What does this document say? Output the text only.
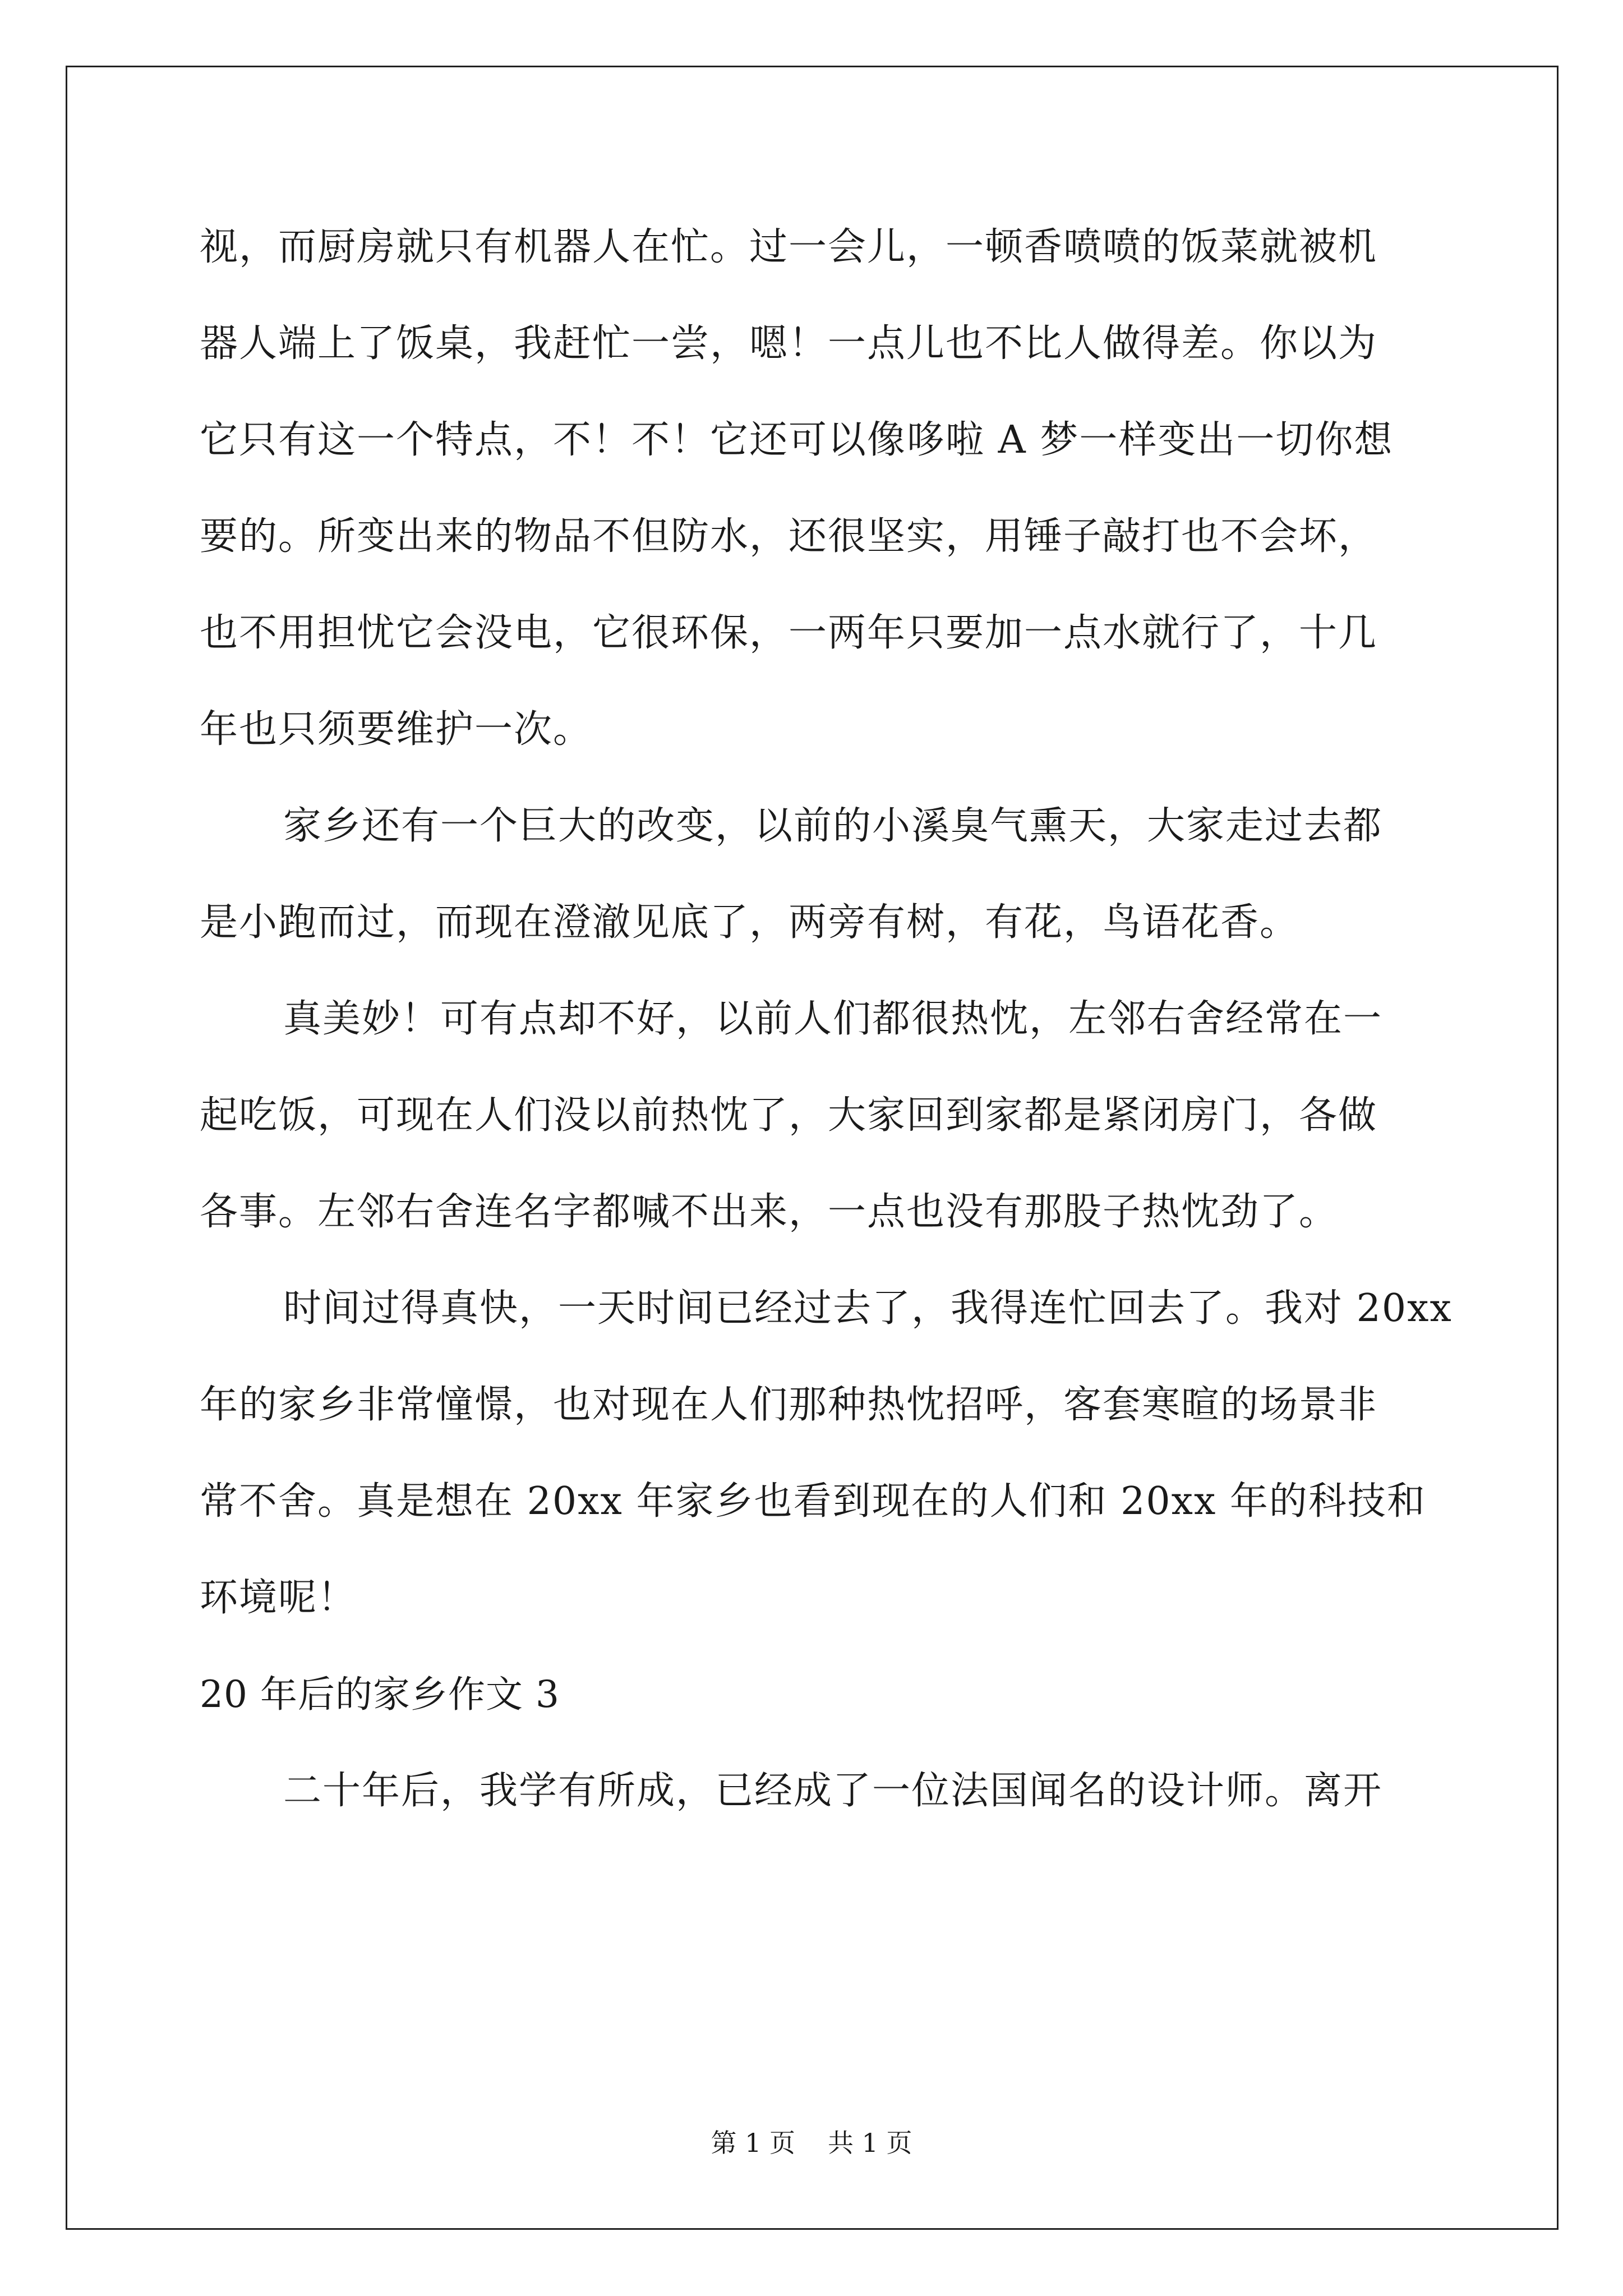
视，而厨房就只有机器人在忙。过一会儿，一顿香喷喷的饭菜就被机
器人端上了饭桌，我赶忙一尝，嗯！一点儿也不比人做得差。你以为
它只有这一个特点，不！不！它还可以像哆啦 A 梦一样变出一切你想
要的。所变出来的物品不但防水，还很坚实，用锤子敲打也不会坏，
也不用担忧它会没电，它很环保，一两年只要加一点水就行了，十几
年也只须要维护一次。
家乡还有一个巨大的改变，以前的小溪臭气熏天，大家走过去都
是小跑而过，而现在澄澈见底了，两旁有树，有花，鸟语花香。
真美妙！可有点却不好，以前人们都很热忱，左邻右舍经常在一
起吃饭，可现在人们没以前热忱了，大家回到家都是紧闭房门，各做
各事。左邻右舍连名字都喊不出来，一点也没有那股子热忱劲了。
时间过得真快，一天时间已经过去了，我得连忙回去了。我对 20xx
年的家乡非常憧憬，也对现在人们那种热忱招呼，客套寒暄的场景非
常不舍。真是想在 20xx 年家乡也看到现在的人们和 20xx 年的科技和
环境呢！
20 年后的家乡作文 3
二十年后，我学有所成，已经成了一位法国闻名的设计师。离开
第 1 页 共 1 页
